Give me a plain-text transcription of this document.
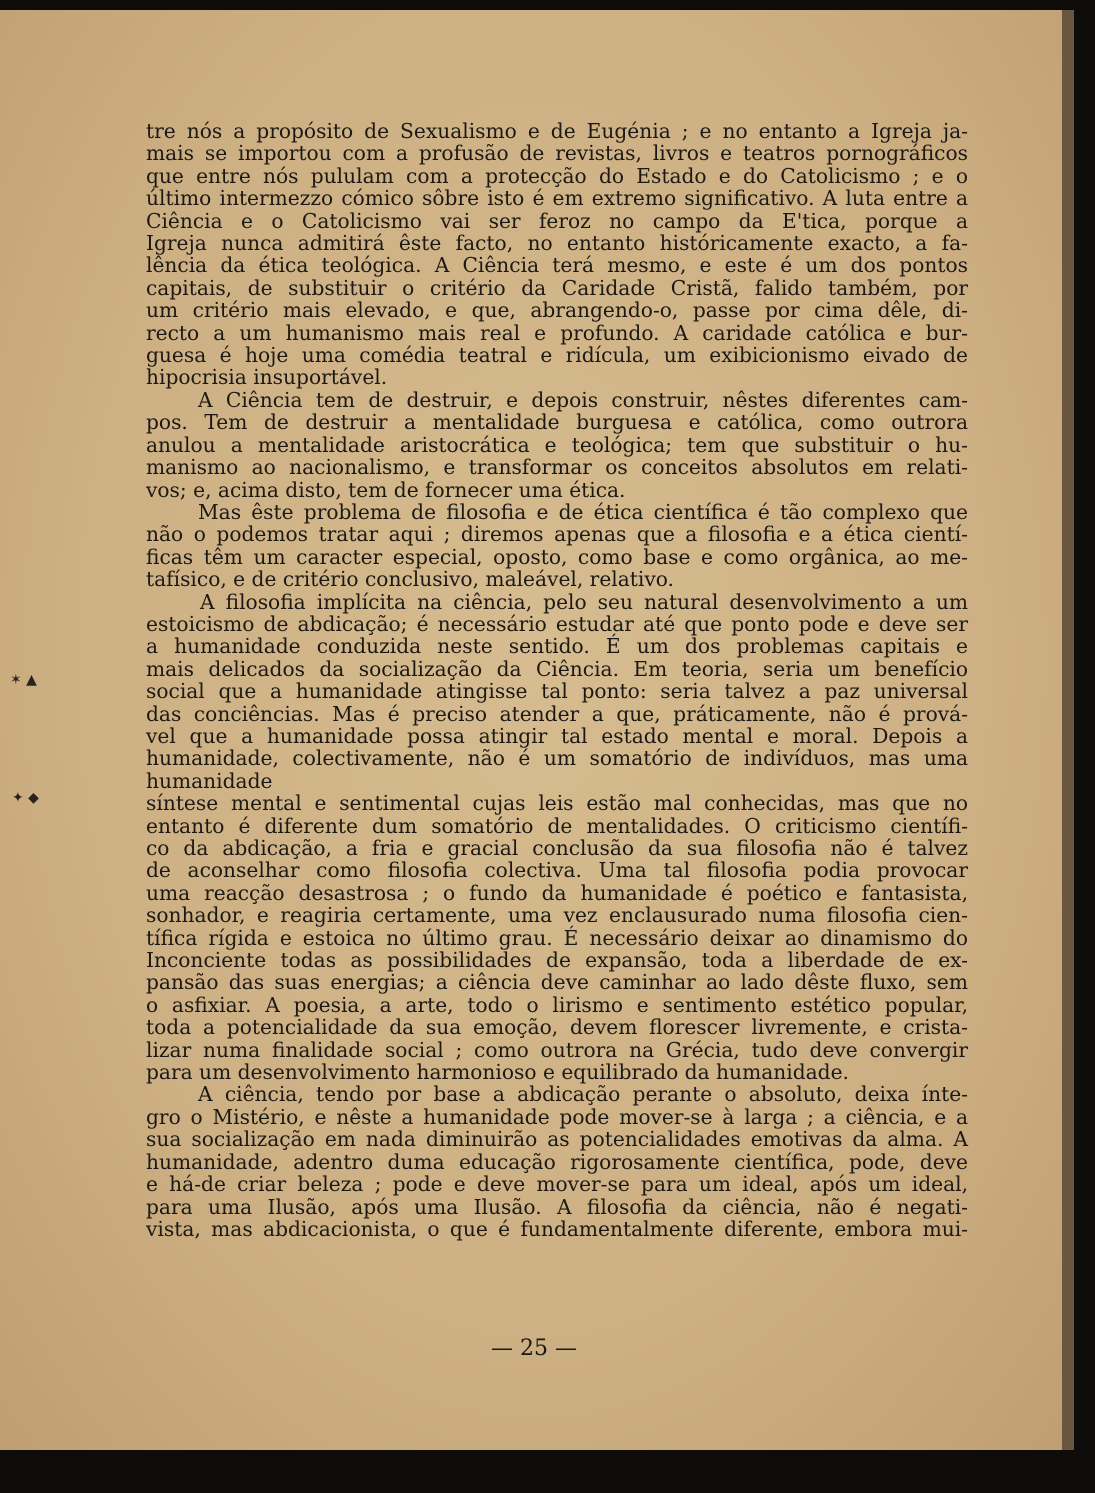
✶ ▲
✦ ◆

tre nós a propósito de Sexualismo e de Eugénia ; e no entanto a Igreja ja-

mais se importou com a profusão de revistas, livros e teatros pornográficos

que entre nós pululam com a protecção do Estado e do Catolicismo ; e o

último intermezzo cómico sôbre isto é em extremo significativo. A luta entre a

Ciência e o Catolicismo vai ser feroz no campo da E'tica, porque a

Igreja nunca admitirá êste facto, no entanto históricamente exacto, a fa-

lência da ética teológica. A Ciência terá mesmo, e este é um dos pontos

capitais, de substituir o critério da Caridade Cristã, falido também, por

um critério mais elevado, e que, abrangendo-o, passe por cima dêle, di-

recto a um humanismo mais real e profundo. A caridade católica e bur-

guesa é hoje uma comédia teatral e ridícula, um exibicionismo eivado de

hipocrisia insuportável.

A Ciência tem de destruir, e depois construir, nêstes diferentes cam-

pos. Tem de destruir a mentalidade burguesa e católica, como outrora

anulou a mentalidade aristocrática e teológica; tem que substituir o hu-

manismo ao nacionalismo, e transformar os conceitos absolutos em relati-

vos; e, acima disto, tem de fornecer uma ética.

Mas êste problema de filosofia e de ética científica é tão complexo que

não o podemos tratar aqui ; diremos apenas que a filosofia e a ética cientí-

ficas têm um caracter especial, oposto, como base e como orgânica, ao me-

tafísico, e de critério conclusivo, maleável, relativo.

A filosofia implícita na ciência, pelo seu natural desenvolvimento a um

estoicismo de abdicação; é necessário estudar até que ponto pode e deve ser

a humanidade conduzida neste sentido. É um dos problemas capitais e

mais delicados da socialização da Ciência. Em teoria, seria um benefício

social que a humanidade atingisse tal ponto: seria talvez a paz universal

das conciências. Mas é preciso atender a que, práticamente, não é prová-

vel que a humanidade possa atingir tal estado mental e moral. Depois a

humanidade, colectivamente, não é um somatório de indivíduos, mas uma humanidade

síntese mental e sentimental cujas leis estão mal conhecidas, mas que no

entanto é diferente dum somatório de mentalidades. O criticismo científi-

co da abdicação, a fria e gracial conclusão da sua filosofia não é talvez

de aconselhar como filosofia colectiva. Uma tal filosofia podia provocar

uma reacção desastrosa ; o fundo da humanidade é poético e fantasista,

sonhador, e reagiria certamente, uma vez enclausurado numa filosofia cien-

tífica rígida e estoica no último grau. É necessário deixar ao dinamismo do

Inconciente todas as possibilidades de expansão, toda a liberdade de ex-

pansão das suas energias; a ciência deve caminhar ao lado dêste fluxo, sem

o asfixiar. A poesia, a arte, todo o lirismo e sentimento estético popular,

toda a potencialidade da sua emoção, devem florescer livremente, e crista-

lizar numa finalidade social ; como outrora na Grécia, tudo deve convergir

para um desenvolvimento harmonioso e equilibrado da humanidade.

A ciência, tendo por base a abdicação perante o absoluto, deixa ínte-

gro o Mistério, e nêste a humanidade pode mover-se à larga ; a ciência, e a

sua socialização em nada diminuirão as potencialidades emotivas da alma. A

humanidade, adentro duma educação rigorosamente científica, pode, deve

e há-de criar beleza ; pode e deve mover-se para um ideal, após um ideal,

para uma Ilusão, após uma Ilusão. A filosofia da ciência, não é negati-

vista, mas abdicacionista, o que é fundamentalmente diferente, embora mui-

— 25 —
